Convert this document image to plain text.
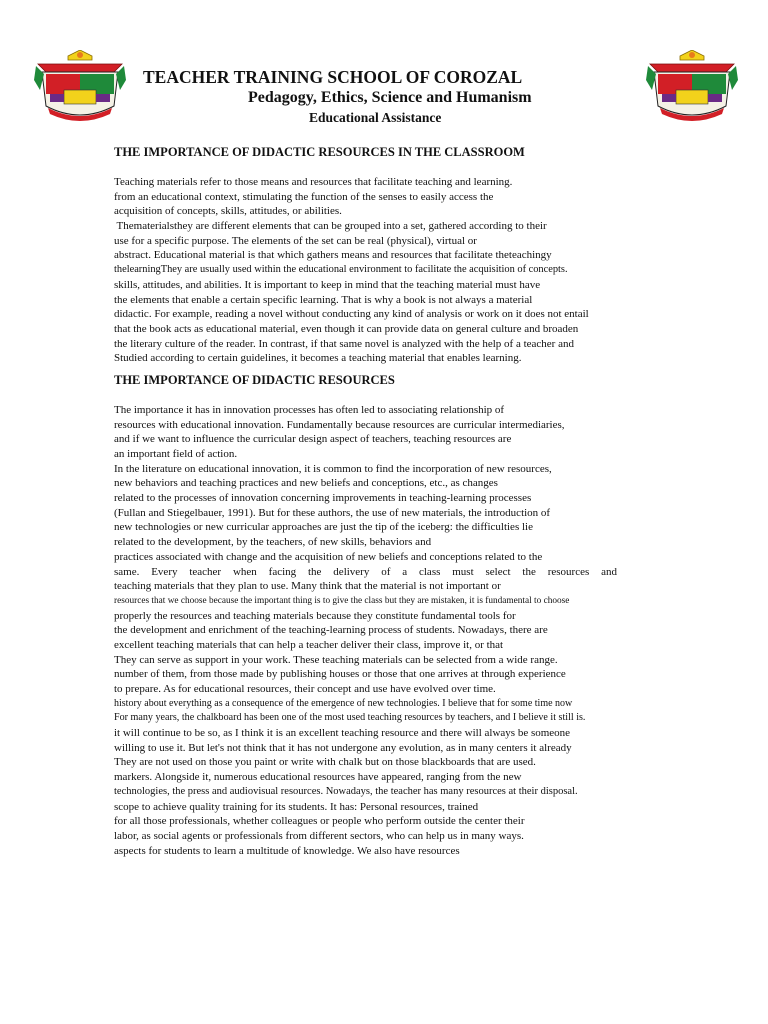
TEACHER TRAINING SCHOOL OF COROZAL
Pedagogy, Ethics, Science and Humanism
Educational Assistance
THE IMPORTANCE OF DIDACTIC RESOURCES IN THE CLASSROOM
Teaching materials refer to those means and resources that facilitate teaching and learning.
from an educational context, stimulating the function of the senses to easily access the
acquisition of concepts, skills, attitudes, or abilities.
Thematerialsthey are different elements that can be grouped into a set, gathered according to their
use for a specific purpose. The elements of the set can be real (physical), virtual or
abstract. Educational material is that which gathers means and resources that facilitate theteachingy
thelearningThey are usually used within the educational environment to facilitate the acquisition of concepts.
skills, attitudes, and abilities. It is important to keep in mind that the teaching material must have
the elements that enable a certain specific learning. That is why a book is not always a material
didactic. For example, reading a novel without conducting any kind of analysis or work on it does not entail
that the book acts as educational material, even though it can provide data on general culture and broaden
the literary culture of the reader. In contrast, if that same novel is analyzed with the help of a teacher and
Studied according to certain guidelines, it becomes a teaching material that enables learning.
THE IMPORTANCE OF DIDACTIC RESOURCES
The importance it has in innovation processes has often led to associating relationship of
resources with educational innovation. Fundamentally because resources are curricular intermediaries,
and if we want to influence the curricular design aspect of teachers, teaching resources are
an important field of action.
In the literature on educational innovation, it is common to find the incorporation of new resources,
new behaviors and teaching practices and new beliefs and conceptions, etc., as changes
related to the processes of innovation concerning improvements in teaching-learning processes
(Fullan and Stiegelbauer, 1991). But for these authors, the use of new materials, the introduction of
new technologies or new curricular approaches are just the tip of the iceberg: the difficulties lie
related to the development, by the teachers, of new skills, behaviors and
practices associated with change and the acquisition of new beliefs and conceptions related to the
same. Every teacher when facing the delivery of a class must select the resources and
teaching materials that they plan to use. Many think that the material is not important or
resources that we choose because the important thing is to give the class but they are mistaken, it is fundamental to choose
properly the resources and teaching materials because they constitute fundamental tools for
the development and enrichment of the teaching-learning process of students. Nowadays, there are
excellent teaching materials that can help a teacher deliver their class, improve it, or that
They can serve as support in your work. These teaching materials can be selected from a wide range.
number of them, from those made by publishing houses or those that one arrives at through experience
to prepare. As for educational resources, their concept and use have evolved over time.
history about everything as a consequence of the emergence of new technologies. I believe that for some time now
For many years, the chalkboard has been one of the most used teaching resources by teachers, and I believe it still is.
it will continue to be so, as I think it is an excellent teaching resource and there will always be someone
willing to use it. But let's not think that it has not undergone any evolution, as in many centers it already
They are not used on those you paint or write with chalk but on those blackboards that are used.
markers. Alongside it, numerous educational resources have appeared, ranging from the new
technologies, the press and audiovisual resources. Nowadays, the teacher has many resources at their disposal.
scope to achieve quality training for its students. It has: Personal resources, trained
for all those professionals, whether colleagues or people who perform outside the center their
labor, as social agents or professionals from different sectors, who can help us in many ways.
aspects for students to learn a multitude of knowledge. We also have resources
